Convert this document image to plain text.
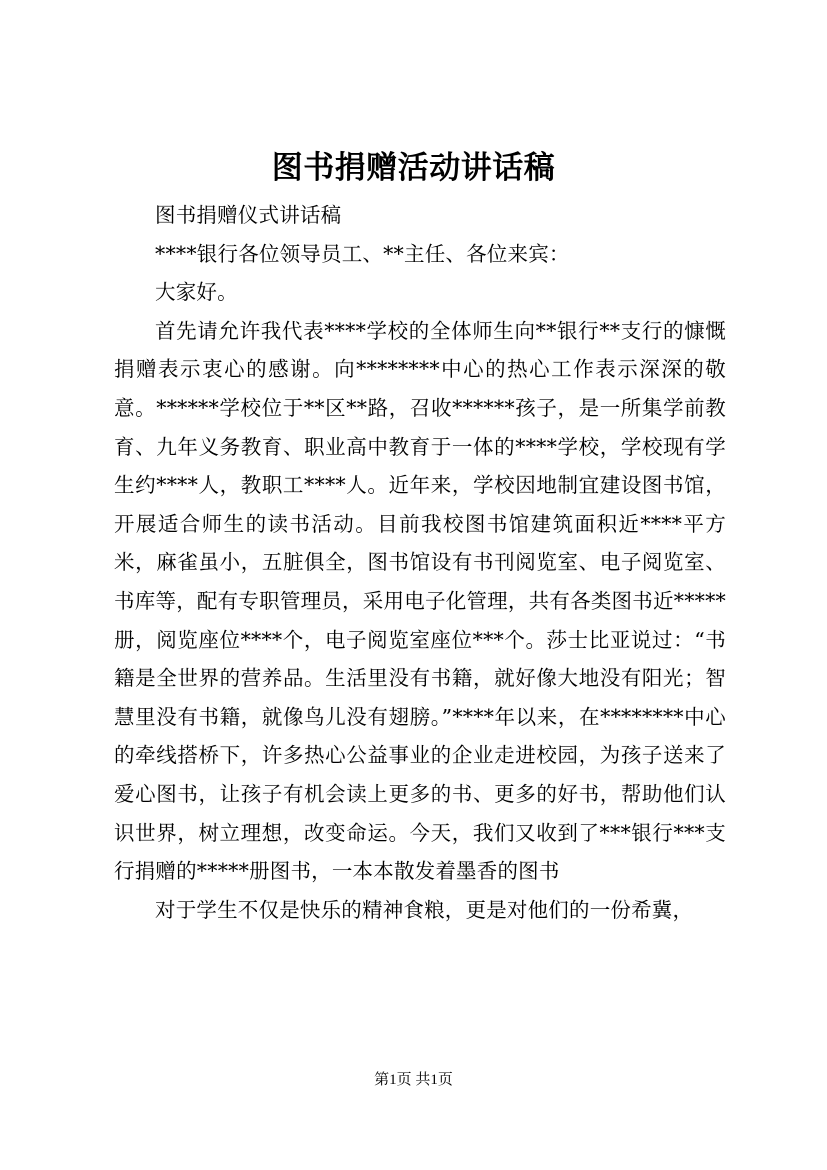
图书捐赠活动讲话稿

图书捐赠仪式讲话稿

****银行各位领导员工、**主任、各位来宾：

大家好。

首先请允许我代表****学校的全体师生向**银行**支行的慷慨捐赠表示衷心的感谢。向********中心的热心工作表示深深的敬意。******学校位于**区**路，召收******孩子，是一所集学前教育、九年义务教育、职业高中教育于一体的****学校，学校现有学生约****人，教职工****人。近年来，学校因地制宜建设图书馆，开展适合师生的读书活动。目前我校图书馆建筑面积近****平方米，麻雀虽小，五脏俱全，图书馆设有书刊阅览室、电子阅览室、书库等，配有专职管理员，采用电子化管理，共有各类图书近*****册，阅览座位****个，电子阅览室座位***个。莎士比亚说过：“书籍是全世界的营养品。生活里没有书籍，就好像大地没有阳光；智慧里没有书籍，就像鸟儿没有翅膀。”****年以来，在********中心的牵线搭桥下，许多热心公益事业的企业走进校园，为孩子送来了爱心图书，让孩子有机会读上更多的书、更多的好书，帮助他们认识世界，树立理想，改变命运。今天，我们又收到了***银行***支行捐赠的*****册图书，一本本散发着墨香的图书

对于学生不仅是快乐的精神食粮，更是对他们的一份希冀，

第1页 共1页
